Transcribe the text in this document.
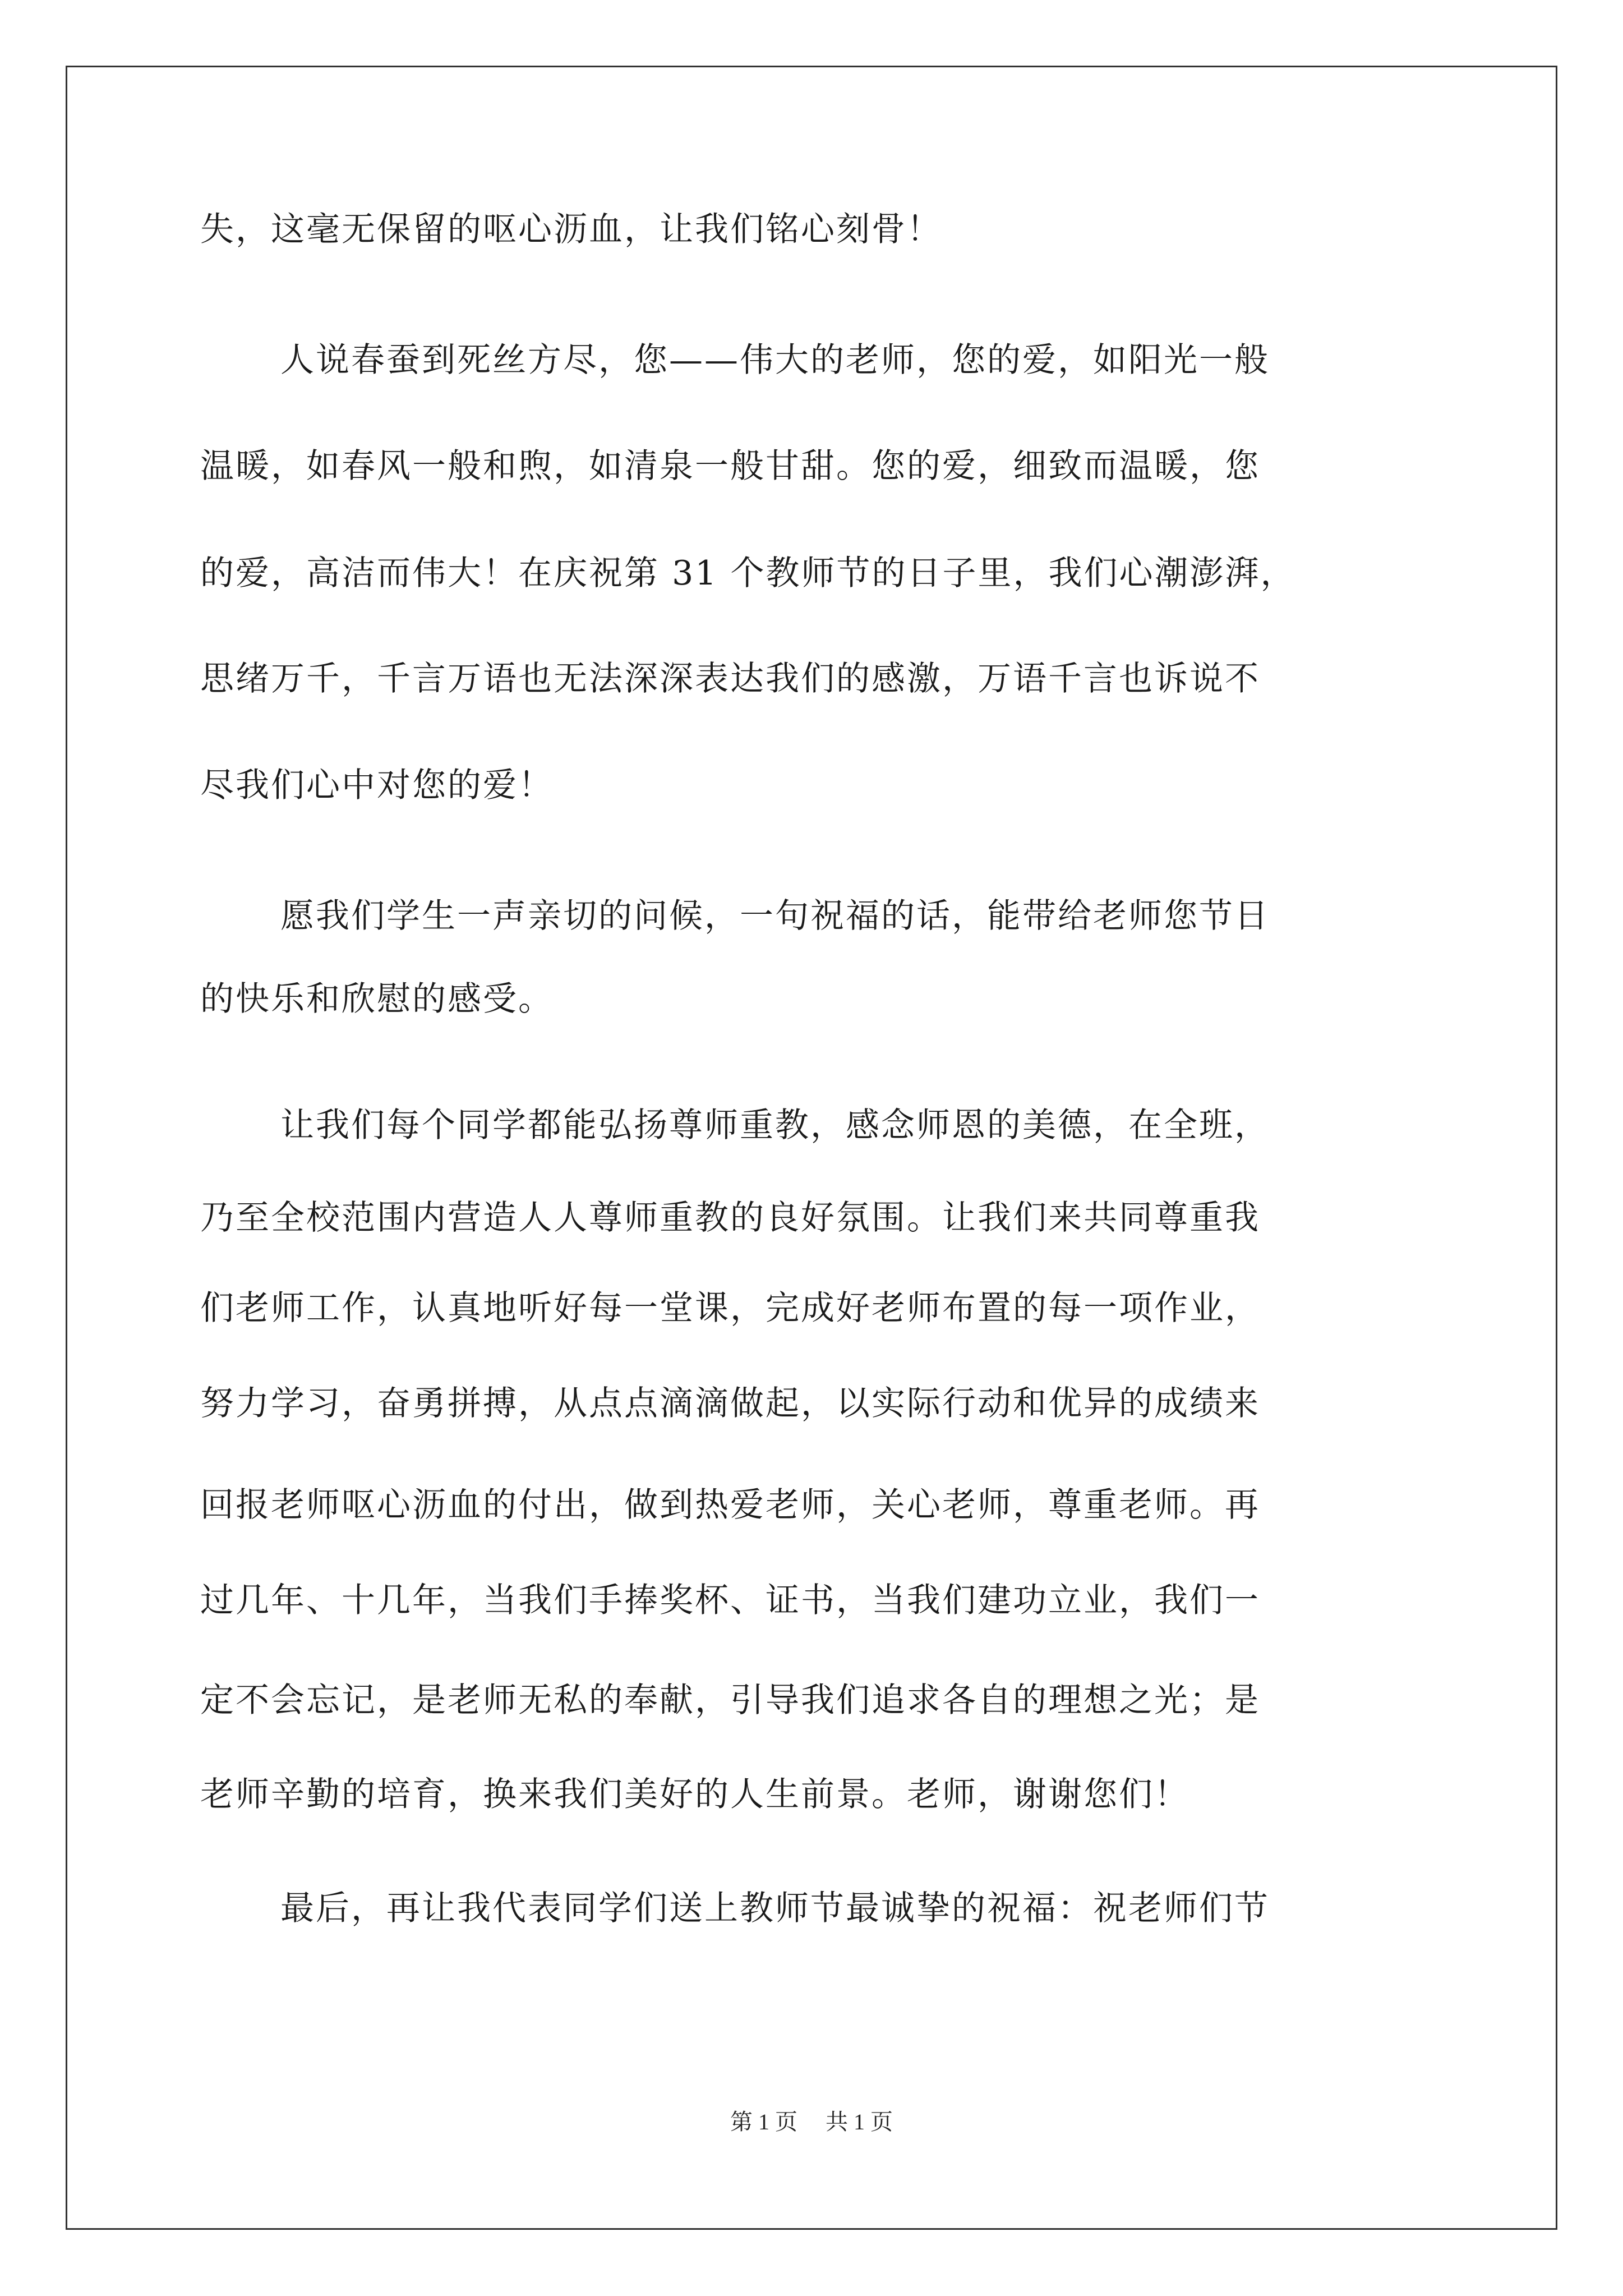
失，这毫无保留的呕心沥血，让我们铭心刻骨！
人说春蚕到死丝方尽，您——伟大的老师，您的爱，如阳光一般
温暖，如春风一般和煦，如清泉一般甘甜。您的爱，细致而温暖，您
的爱，高洁而伟大！在庆祝第 31 个教师节的日子里，我们心潮澎湃，
思绪万千，千言万语也无法深深表达我们的感激，万语千言也诉说不
尽我们心中对您的爱！
愿我们学生一声亲切的问候，一句祝福的话，能带给老师您节日
的快乐和欣慰的感受。
让我们每个同学都能弘扬尊师重教，感念师恩的美德，在全班，
乃至全校范围内营造人人尊师重教的良好氛围。让我们来共同尊重我
们老师工作，认真地听好每一堂课，完成好老师布置的每一项作业，
努力学习，奋勇拼搏，从点点滴滴做起，以实际行动和优异的成绩来
回报老师呕心沥血的付出，做到热爱老师，关心老师，尊重老师。再
过几年、十几年，当我们手捧奖杯、证书，当我们建功立业，我们一
定不会忘记，是老师无私的奉献，引导我们追求各自的理想之光；是
老师辛勤的培育，换来我们美好的人生前景。老师，谢谢您们！
最后，再让我代表同学们送上教师节最诚挚的祝福：祝老师们节
第 1 页 共 1 页
